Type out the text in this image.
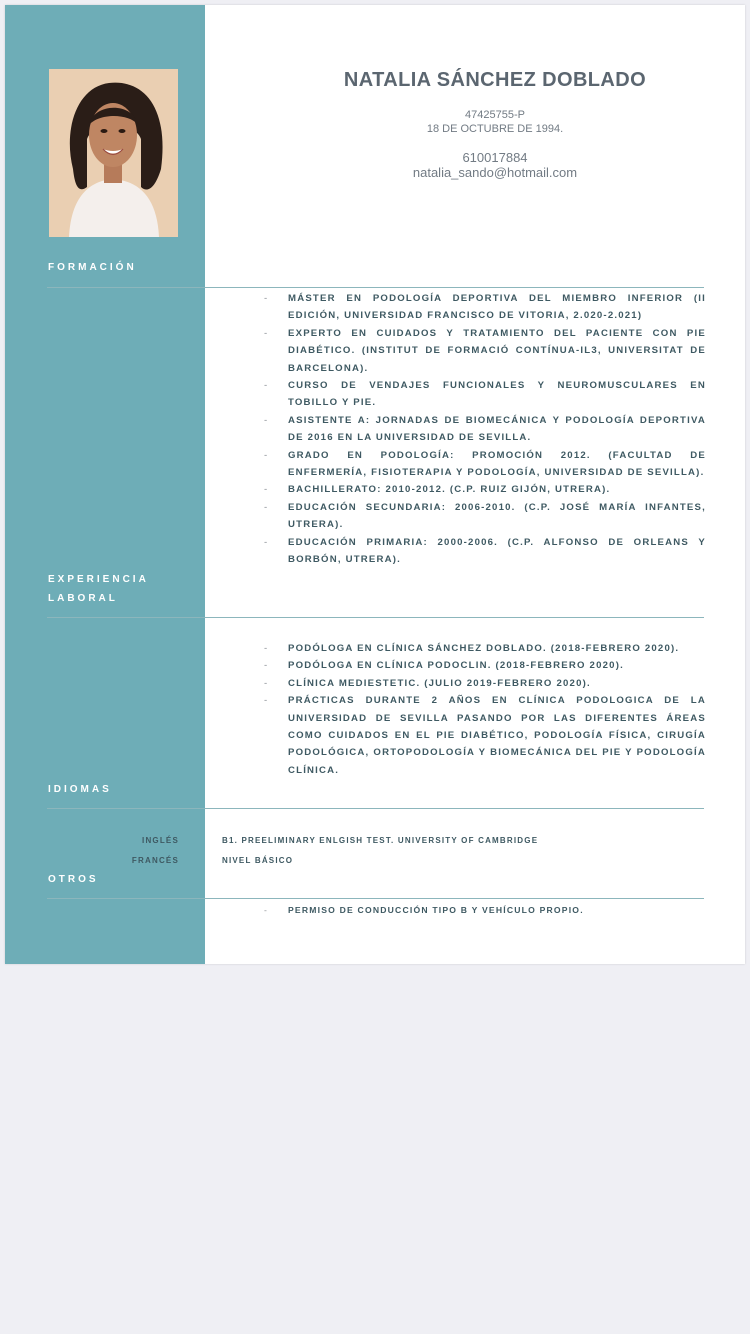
NATALIA SÁNCHEZ DOBLADO
47425755-P
18 DE OCTUBRE DE 1994.
610017884
natalia_sando@hotmail.com
FORMACIÓN
- MÁSTER EN PODOLOGÍA DEPORTIVA DEL MIEMBRO INFERIOR (II EDICIÓN, UNIVERSIDAD FRANCISCO DE VITORIA, 2.020-2.021)
- EXPERTO EN CUIDADOS Y TRATAMIENTO DEL PACIENTE CON PIE DIABÉTICO. (INSTITUT DE FORMACIÓ CONTÍNUA-IL3, UNIVERSITAT DE BARCELONA).
- CURSO DE VENDAJES FUNCIONALES Y NEUROMUSCULARES EN TOBILLO Y PIE.
- ASISTENTE A: JORNADAS DE BIOMECÁNICA Y PODOLOGÍA DEPORTIVA DE 2016 EN LA UNIVERSIDAD DE SEVILLA.
- GRADO EN PODOLOGÍA: PROMOCIÓN 2012. (FACULTAD DE ENFERMERÍA, FISIOTERAPIA Y PODOLOGÍA, UNIVERSIDAD DE SEVILLA).
- BACHILLERATO: 2010-2012. (C.P. RUIZ GIJÓN, UTRERA).
- EDUCACIÓN SECUNDARIA: 2006-2010. (C.P. JOSÉ MARÍA INFANTES, UTRERA).
- EDUCACIÓN PRIMARIA: 2000-2006. (C.P. ALFONSO DE ORLEANS Y BORBÓN, UTRERA).
EXPERIENCIA
LABORAL
- PODÓLOGA EN CLÍNICA SÁNCHEZ DOBLADO. (2018-FEBRERO 2020).
- PODÓLOGA EN CLÍNICA PODOCLIN. (2018-FEBRERO 2020).
- CLÍNICA MEDIESTETIC. (JULIO 2019-FEBRERO 2020).
- PRÁCTICAS DURANTE 2 AÑOS EN CLÍNICA PODOLOGICA DE LA UNIVERSIDAD DE SEVILLA PASANDO POR LAS DIFERENTES ÁREAS COMO CUIDADOS EN EL PIE DIABÉTICO, PODOLOGÍA FÍSICA, CIRUGÍA PODOLÓGICA, ORTOPODOLOGÍA Y BIOMECÁNICA DEL PIE Y PODOLOGÍA CLÍNICA.
IDIOMAS
INGLÉS	B1. PREELIMINARY ENLGISH TEST. UNIVERSITY OF CAMBRIDGE
FRANCÉS	NIVEL BÁSICO
OTROS
- PERMISO DE CONDUCCIÓN TIPO B Y VEHÍCULO PROPIO.
